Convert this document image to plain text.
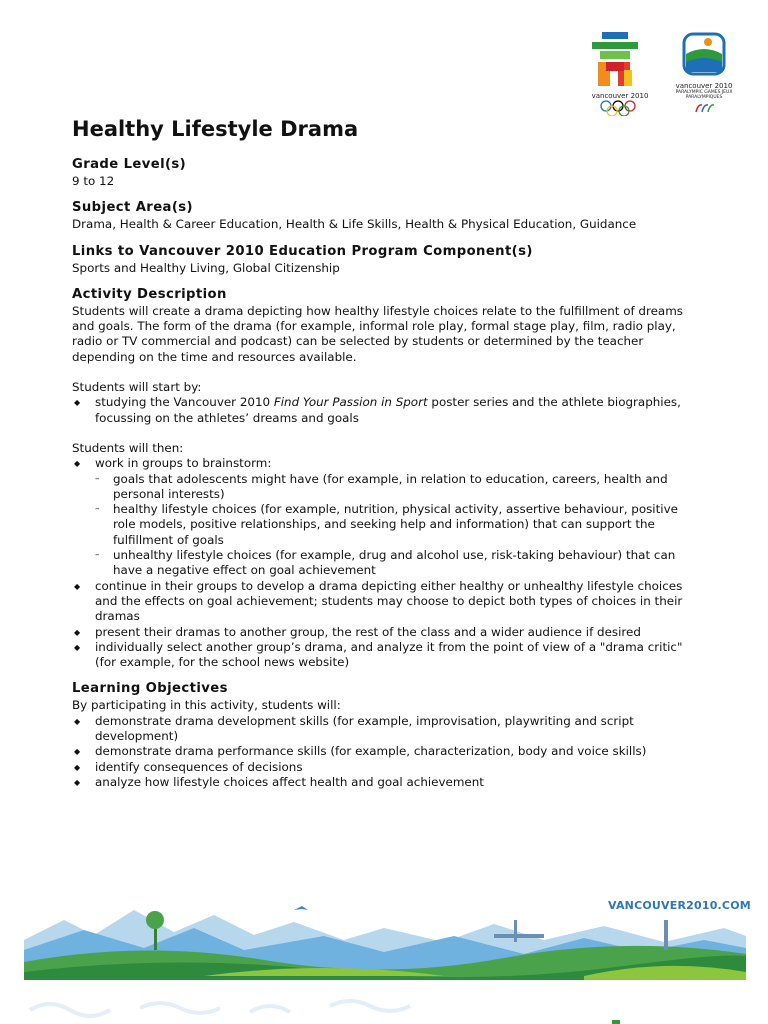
vancouver 2010
vancouver 2010
PARALYMPIC GAMES JEUX PARALYMPIQUES
Healthy Lifestyle Drama
Grade Level(s)

9 to 12

Subject Area(s)

Drama, Health & Career Education, Health & Life Skills, Health & Physical Education, Guidance

Links to Vancouver 2010 Education Program Component(s)

Sports and Healthy Living, Global Citizenship

Activity Description

Students will create a drama depicting how healthy lifestyle choices relate to the fulfillment of dreams and goals. The form of the drama (for example, informal role play, formal stage play, film, radio play, radio or TV commercial and podcast) can be selected by students or determined by the teacher depending on the time and resources available.

Students will start by:

◆ studying the Vancouver 2010 Find Your Passion in Sport poster series and the athlete biographies, focussing on the athletes’ dreams and goals

Students will then:

◆ work in groups to brainstorm:
– goals that adolescents might have (for example, in relation to education, careers, health and personal interests)
– healthy lifestyle choices (for example, nutrition, physical activity, assertive behaviour, positive role models, positive relationships, and seeking help and information) that can support the fulfillment of goals
– unhealthy lifestyle choices (for example, drug and alcohol use, risk-taking behaviour) that can have a negative effect on goal achievement
◆ continue in their groups to develop a drama depicting either healthy or unhealthy lifestyle choices and the effects on goal achievement; students may choose to depict both types of choices in their dramas
◆ present their dramas to another group, the rest of the class and a wider audience if desired
◆ individually select another group’s drama, and analyze it from the point of view of a "drama critic" (for example, for the school news website)
Learning Objectives

By participating in this activity, students will:

◆ demonstrate drama development skills (for example, improvisation, playwriting and script development)
◆ demonstrate drama performance skills (for example, characterization, body and voice skills)
◆ identify consequences of decisions
◆ analyze how lifestyle choices affect health and goal achievement
VANCOUVER2010.COM
